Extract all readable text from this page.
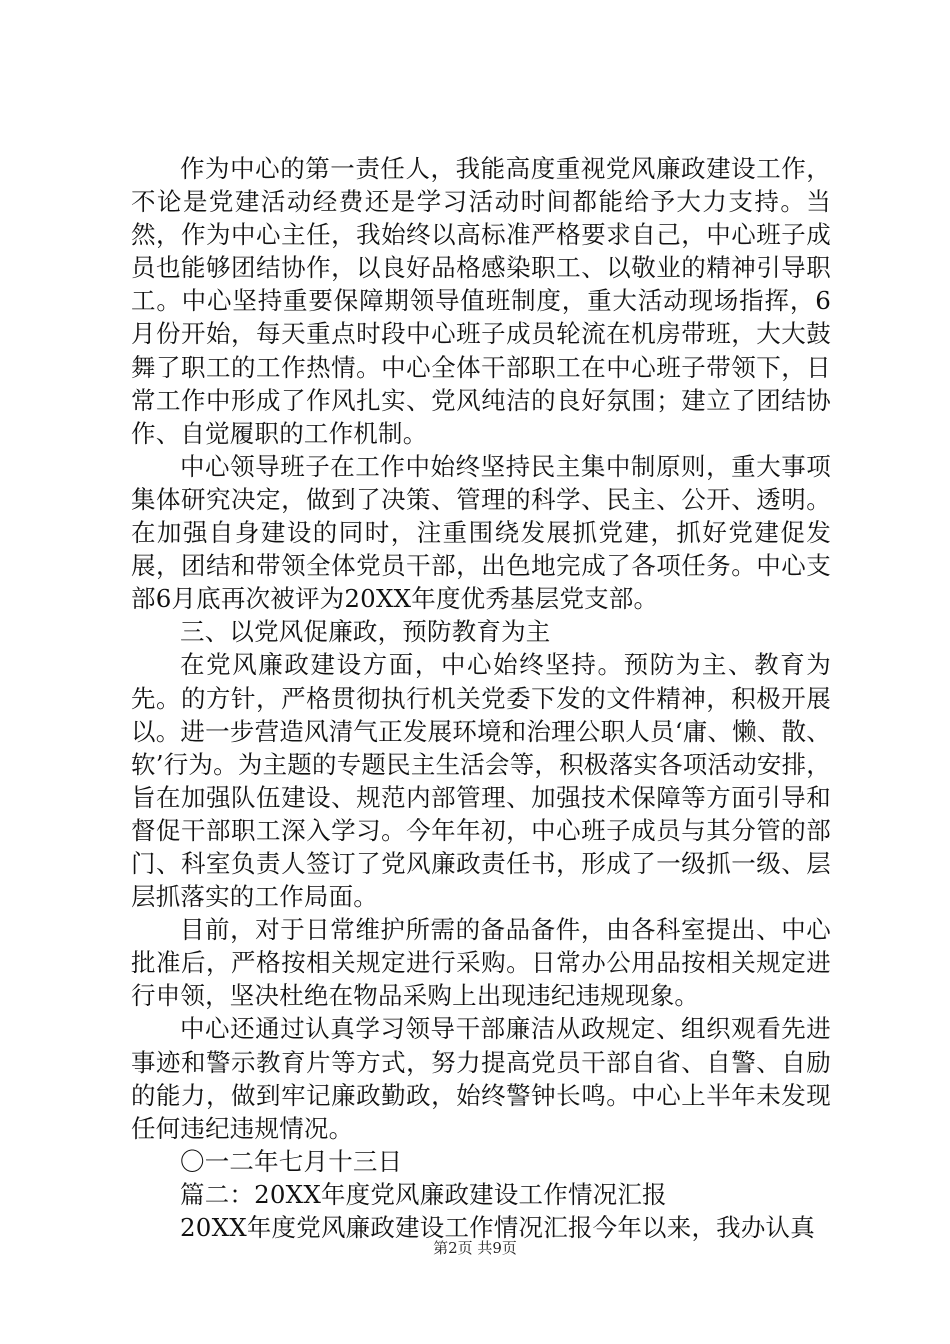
作为中心的第一责任人，我能高度重视党风廉政建设工作，不论是党建活动经费还是学习活动时间都能给予大力支持。当然，作为中心主任，我始终以高标准严格要求自己，中心班子成员也能够团结协作，以良好品格感染职工、以敬业的精神引导职工。中心坚持重要保障期领导值班制度，重大活动现场指挥，6月份开始，每天重点时段中心班子成员轮流在机房带班，大大鼓舞了职工的工作热情。中心全体干部职工在中心班子带领下，日常工作中形成了作风扎实、党风纯洁的良好氛围；建立了团结协作、自觉履职的工作机制。

中心领导班子在工作中始终坚持民主集中制原则，重大事项集体研究决定，做到了决策、管理的科学、民主、公开、透明。在加强自身建设的同时，注重围绕发展抓党建，抓好党建促发展，团结和带领全体党员干部，出色地完成了各项任务。中心支部6月底再次被评为20XX年度优秀基层党支部。

三、以党风促廉政，预防教育为主

在党风廉政建设方面，中心始终坚持。预防为主、教育为先。的方针，严格贯彻执行机关党委下发的文件精神，积极开展以。进一步营造风清气正发展环境和治理公职人员‘庸、懒、散、软’行为。为主题的专题民主生活会等，积极落实各项活动安排，旨在加强队伍建设、规范内部管理、加强技术保障等方面引导和督促干部职工深入学习。今年年初，中心班子成员与其分管的部门、科室负责人签订了党风廉政责任书，形成了一级抓一级、层层抓落实的工作局面。

目前，对于日常维护所需的备品备件，由各科室提出、中心批准后，严格按相关规定进行采购。日常办公用品按相关规定进行申领，坚决杜绝在物品采购上出现违纪违规现象。

中心还通过认真学习领导干部廉洁从政规定、组织观看先进事迹和警示教育片等方式，努力提高党员干部自省、自警、自励的能力，做到牢记廉政勤政，始终警钟长鸣。中心上半年未发现任何违纪违规情况。

〇一二年七月十三日
篇二：20XX年度党风廉政建设工作情况汇报
20XX年度党风廉政建设工作情况汇报今年以来，我办认真
第2页 共9页
